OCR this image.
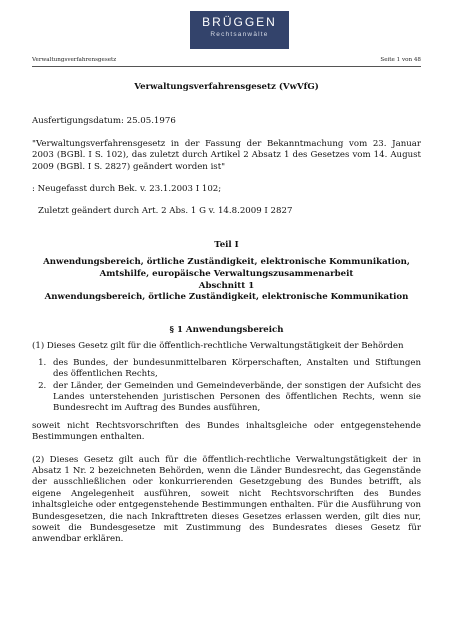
BRÜGGEN
Rechtsanwälte
Verwaltungsverfahrensgesetz	Seite 1 von 48

Verwaltungsverfahrensgesetz (VwVfG)

Ausfertigungsdatum: 25.05.1976

"Verwaltungsverfahrensgesetz in der Fassung der Bekanntmachung vom 23. Januar 2003 (BGBl. I S. 102), das zuletzt durch Artikel 2 Absatz 1 des Gesetzes vom 14. August 2009 (BGBl. I S. 2827) geändert worden ist"

: Neugefasst durch Bek. v. 23.1.2003 I 102;

Zuletzt geändert durch Art. 2 Abs. 1 G v. 14.8.2009 I 2827

Teil I

Anwendungsbereich, örtliche Zuständigkeit, elektronische Kommunikation, Amtshilfe, europäische Verwaltungszusammenarbeit

Abschnitt 1

Anwendungsbereich, örtliche Zuständigkeit, elektronische Kommunikation

§ 1 Anwendungsbereich

(1) Dieses Gesetz gilt für die öffentlich-rechtliche Verwaltungstätigkeit der Behörden

1. des Bundes, der bundesunmittelbaren Körperschaften, Anstalten und Stiftungen des öffentlichen Rechts,
2. der Länder, der Gemeinden und Gemeindeverbände, der sonstigen der Aufsicht des Landes unterstehenden juristischen Personen des öffentlichen Rechts, wenn sie Bundesrecht im Auftrag des Bundes ausführen,

soweit nicht Rechtsvorschriften des Bundes inhaltsgleiche oder entgegenstehende Bestimmungen enthalten.

(2) Dieses Gesetz gilt auch für die öffentlich-rechtliche Verwaltungstätigkeit der in Absatz 1 Nr. 2 bezeichneten Behörden, wenn die Länder Bundesrecht, das Gegenstände der ausschließlichen oder konkurrierenden Gesetzgebung des Bundes betrifft, als eigene Angelegenheit ausführen, soweit nicht Rechtsvorschriften des Bundes inhaltsgleiche oder entgegenstehende Bestimmungen enthalten. Für die Ausführung von Bundesgesetzen, die nach Inkrafttreten dieses Gesetzes erlassen werden, gilt dies nur, soweit die Bundesgesetze mit Zustimmung des Bundesrates dieses Gesetz für anwendbar erklären.
